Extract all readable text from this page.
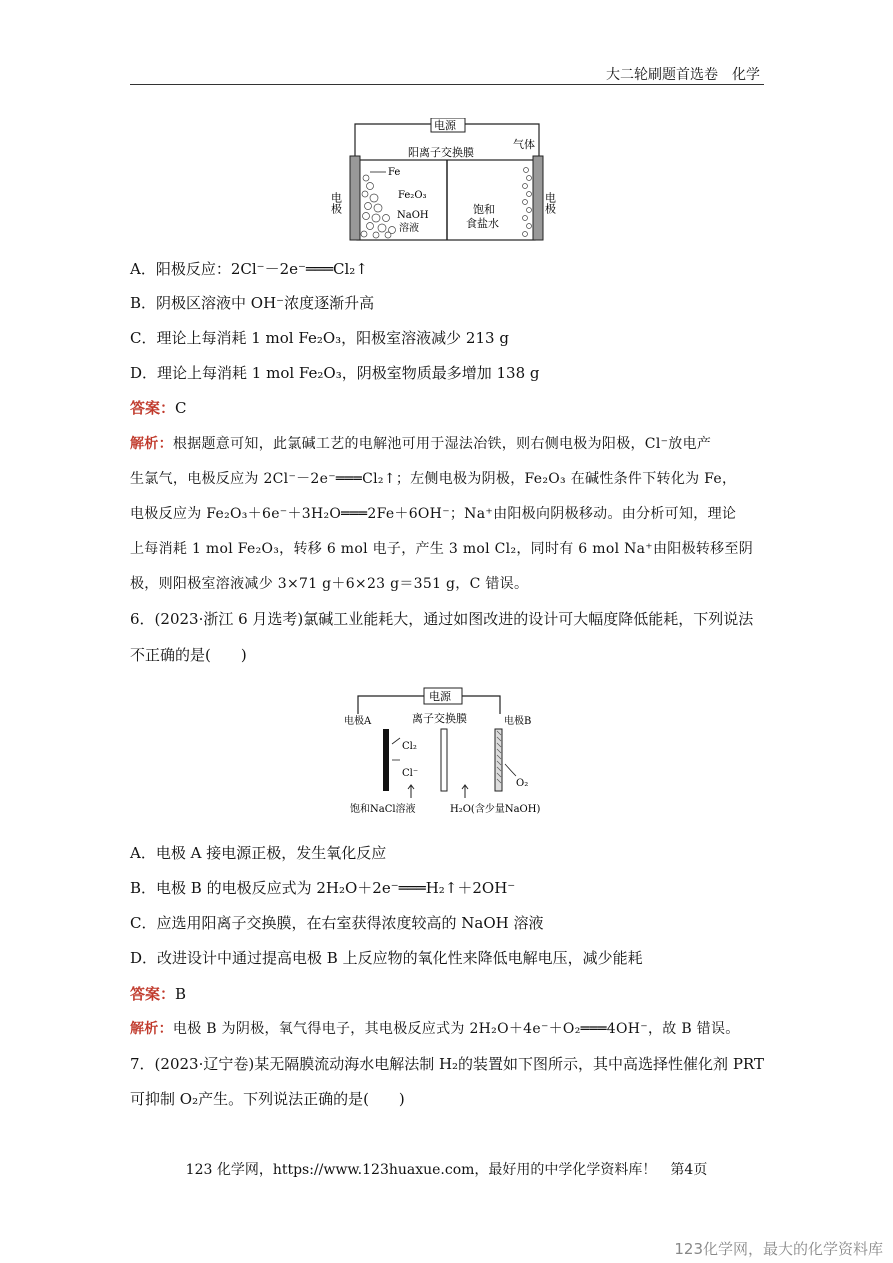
大二轮刷题首选卷　化学
电源
阳离子交换膜
气体
Fe
Fe₂O₃
NaOH
溶液
饱和
食盐水
电极	电极
A．阳极反应：2Cl⁻－2e⁻═══Cl₂↑
B．阴极区溶液中 OH⁻浓度逐渐升高
C．理论上每消耗 1 mol Fe₂O₃，阳极室溶液减少 213 g
D．理论上每消耗 1 mol Fe₂O₃，阴极室物质最多增加 138 g
答案：C
解析：根据题意可知，此氯碱工艺的电解池可用于湿法冶铁，则右侧电极为阳极，Cl⁻放电产
生氯气，电极反应为 2Cl⁻－2e⁻═══Cl₂↑；左侧电极为阴极，Fe₂O₃ 在碱性条件下转化为 Fe，
电极反应为 Fe₂O₃＋6e⁻＋3H₂O═══2Fe＋6OH⁻；Na⁺由阳极向阴极移动。由分析可知，理论
上每消耗 1 mol Fe₂O₃，转移 6 mol 电子，产生 3 mol Cl₂，同时有 6 mol Na⁺由阳极转移至阴
极，则阳极室溶液减少 3×71 g＋6×23 g＝351 g，C 错误。
6．(2023·浙江 6 月选考)氯碱工业能耗大，通过如图改进的设计可大幅度降低能耗，下列说法
不正确的是(　　)
电源
电极A	离子交换膜	电极B
Cl₂
Cl⁻
O₂
饱和NaCl溶液	H₂O(含少量NaOH)
A．电极 A 接电源正极，发生氧化反应
B．电极 B 的电极反应式为 2H₂O＋2e⁻═══H₂↑＋2OH⁻
C．应选用阳离子交换膜，在右室获得浓度较高的 NaOH 溶液
D．改进设计中通过提高电极 B 上反应物的氧化性来降低电解电压，减少能耗
答案：B
解析：电极 B 为阴极，氧气得电子，其电极反应式为 2H₂O＋4e⁻＋O₂═══4OH⁻，故 B 错误。
7．(2023·辽宁卷)某无隔膜流动海水电解法制 H₂的装置如下图所示，其中高选择性催化剂 PRT
可抑制 O₂产生。下列说法正确的是(　　)
123 化学网，https://www.123huaxue.com，最好用的中学化学资料库！　第4页
123化学网，最大的化学资料库
